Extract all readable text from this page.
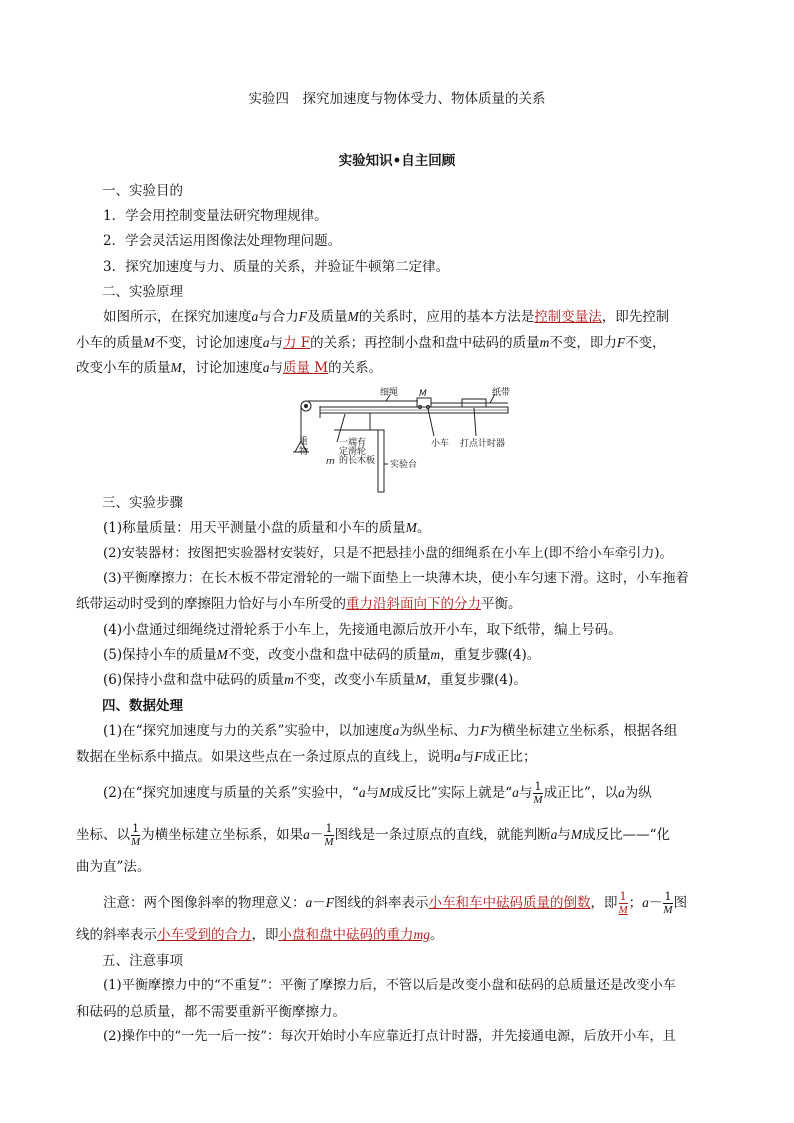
实验四　探究加速度与物体受力、物体质量的关系
实验知识•自主回顾
一、实验目的
1．学会用控制变量法研究物理规律。
2．学会灵活运用图像法处理物理问题。
3．探究加速度与力、质量的关系，并验证牛顿第二定律。
二、实验原理
如图所示，在探究加速度a与合力F及质量M的关系时，应用的基本方法是控制变量法，即先控制
小车的质量M不变，讨论加速度a与力 F的关系；再控制小盘和盘中砝码的质量m不变，即力F不变，
改变小车的质量M，讨论加速度a与质量 M的关系。
细绳 M	纸带
重
物
m
一端有
定滑轮
的长木板
小车 打点计时器
实验台
三、实验步骤
(1)称量质量：用天平测量小盘的质量和小车的质量M。
(2)安装器材：按图把实验器材安装好，只是不把悬挂小盘的细绳系在小车上(即不给小车牵引力)。
(3)平衡摩擦力：在长木板不带定滑轮的一端下面垫上一块薄木块，使小车匀速下滑。这时，小车拖着
纸带运动时受到的摩擦阻力恰好与小车所受的重力沿斜面向下的分力平衡。
(4)小盘通过细绳绕过滑轮系于小车上，先接通电源后放开小车，取下纸带，编上号码。
(5)保持小车的质量M不变，改变小盘和盘中砝码的质量m，重复步骤(4)。
(6)保持小盘和盘中砝码的质量m不变，改变小车质量M，重复步骤(4)。
四、数据处理
(1)在“探究加速度与力的关系”实验中，以加速度a为纵坐标、力F为横坐标建立坐标系，根据各组
数据在坐标系中描点。如果这些点在一条过原点的直线上，说明a与F成正比；
(2)在“探究加速度与质量的关系”实验中，“a与M成反比”实际上就是“a与 $\frac{1}{M}$ 成正比”，以a为纵
坐标、以 $\frac{1}{M}$ 为横坐标建立坐标系，如果$a- \frac{1}{M}$ 图线是一条过原点的直线，就能判断a与M成反比——“化
曲为直”法。
注意：两个图像斜率的物理意义：a－F图线的斜率表示小车和车中砝码质量的倒数，即 $\frac{1}{M}$ ；$a- \frac{1}{M}$ 图
线的斜率表示小车受到的合力，即小盘和盘中砝码的重力mg。
五、注意事项
(1)平衡摩擦力中的“不重复”：平衡了摩擦力后，不管以后是改变小盘和砝码的总质量还是改变小车
和砝码的总质量，都不需要重新平衡摩擦力。
(2)操作中的“一先一后一按”：每次开始时小车应靠近打点计时器，并先接通电源，后放开小车，且
